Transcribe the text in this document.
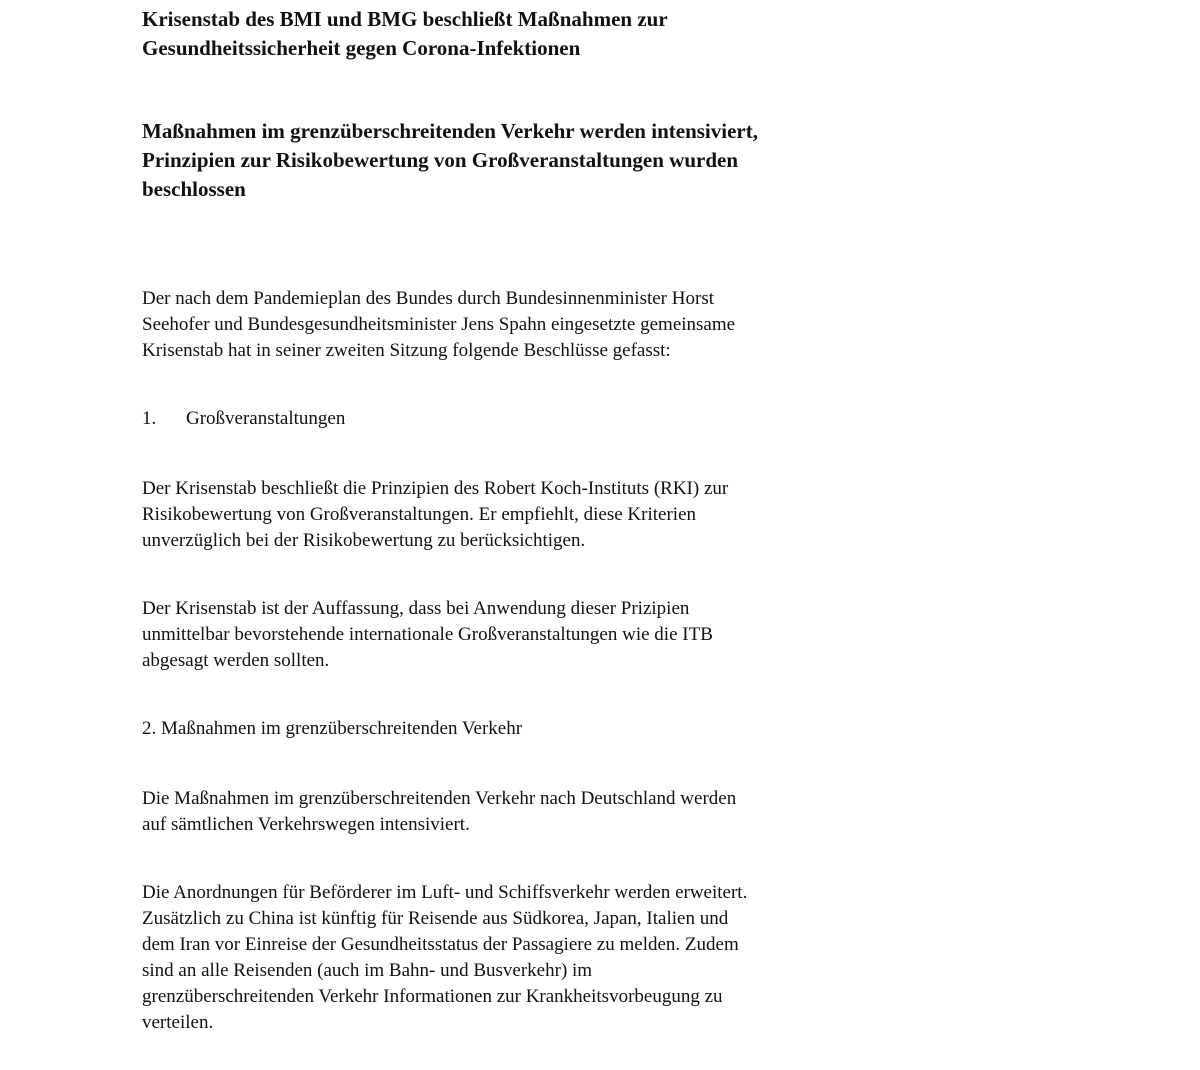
Krisenstab des BMI und BMG beschließt Maßnahmen zur
Gesundheitssicherheit gegen Corona-Infektionen
Maßnahmen im grenzüberschreitenden Verkehr werden intensiviert,
Prinzipien zur Risikobewertung von Großveranstaltungen wurden
beschlossen
Der nach dem Pandemieplan des Bundes durch Bundesinnenminister Horst
Seehofer und Bundesgesundheitsminister Jens Spahn eingesetzte gemeinsame
Krisenstab hat in seiner zweiten Sitzung folgende Beschlüsse gefasst:
1. Großveranstaltungen
Der Krisenstab beschließt die Prinzipien des Robert Koch-Instituts (RKI) zur
Risikobewertung von Großveranstaltungen. Er empfiehlt, diese Kriterien
unverzüglich bei der Risikobewertung zu berücksichtigen.
Der Krisenstab ist der Auffassung, dass bei Anwendung dieser Prizipien
unmittelbar bevorstehende internationale Großveranstaltungen wie die ITB
abgesagt werden sollten.
2. Maßnahmen im grenzüberschreitenden Verkehr
Die Maßnahmen im grenzüberschreitenden Verkehr nach Deutschland werden
auf sämtlichen Verkehrswegen intensiviert.
Die Anordnungen für Beförderer im Luft- und Schiffsverkehr werden erweitert.
Zusätzlich zu China ist künftig für Reisende aus Südkorea, Japan, Italien und
dem Iran vor Einreise der Gesundheitsstatus der Passagiere zu melden. Zudem
sind an alle Reisenden (auch im Bahn- und Busverkehr) im
grenzüberschreitenden Verkehr Informationen zur Krankheitsvorbeugung zu
verteilen.
